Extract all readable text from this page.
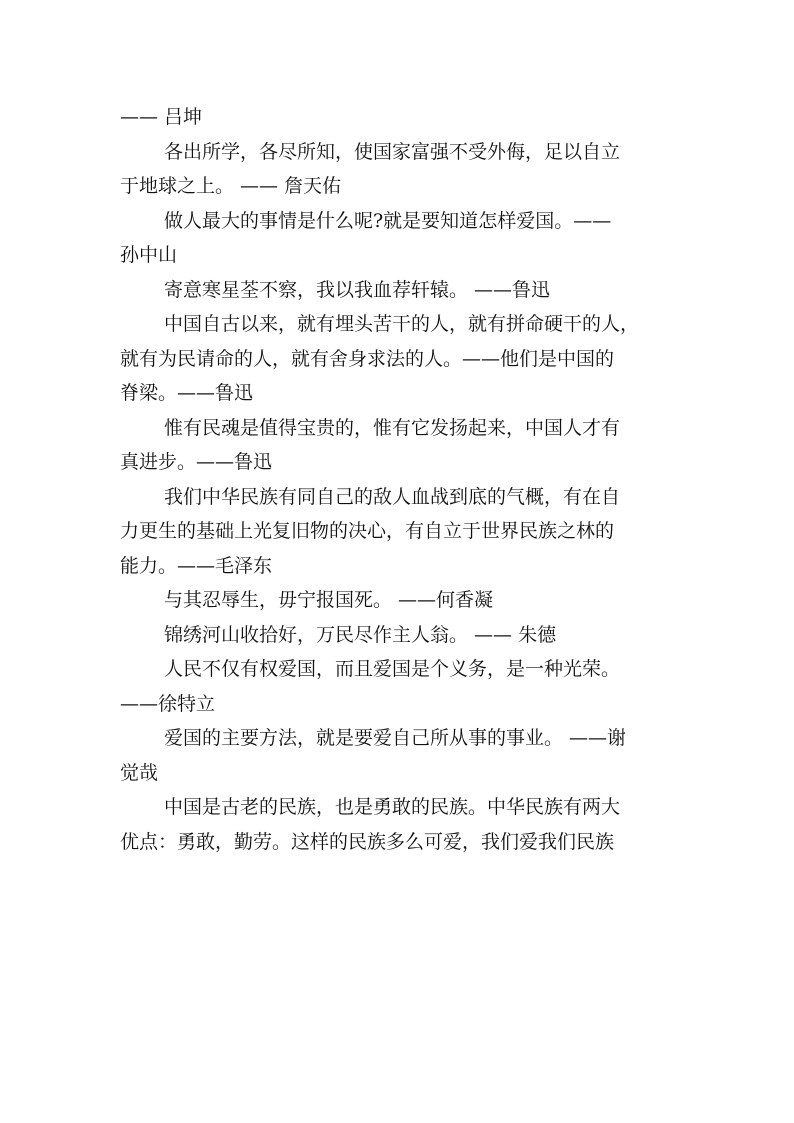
—— 吕坤
各出所学，各尽所知，使国家富强不受外侮，足以自立
于地球之上。 —— 詹天佑
做人最大的事情是什么呢?就是要知道怎样爱国。——
孙中山
寄意寒星荃不察，我以我血荐轩辕。 ——鲁迅
中国自古以来，就有埋头苦干的人，就有拼命硬干的人，
就有为民请命的人，就有舍身求法的人。——他们是中国的
脊梁。——鲁迅
惟有民魂是值得宝贵的，惟有它发扬起来，中国人才有
真进步。——鲁迅
我们中华民族有同自己的敌人血战到底的气概，有在自
力更生的基础上光复旧物的决心，有自立于世界民族之林的
能力。——毛泽东
与其忍辱生，毋宁报国死。 ——何香凝
锦绣河山收拾好，万民尽作主人翁。 —— 朱德
人民不仅有权爱国，而且爱国是个义务，是一种光荣。
——徐特立
爱国的主要方法，就是要爱自己所从事的事业。 ——谢
觉哉
中国是古老的民族，也是勇敢的民族。中华民族有两大
优点：勇敢，勤劳。这样的民族多么可爱，我们爱我们民族
